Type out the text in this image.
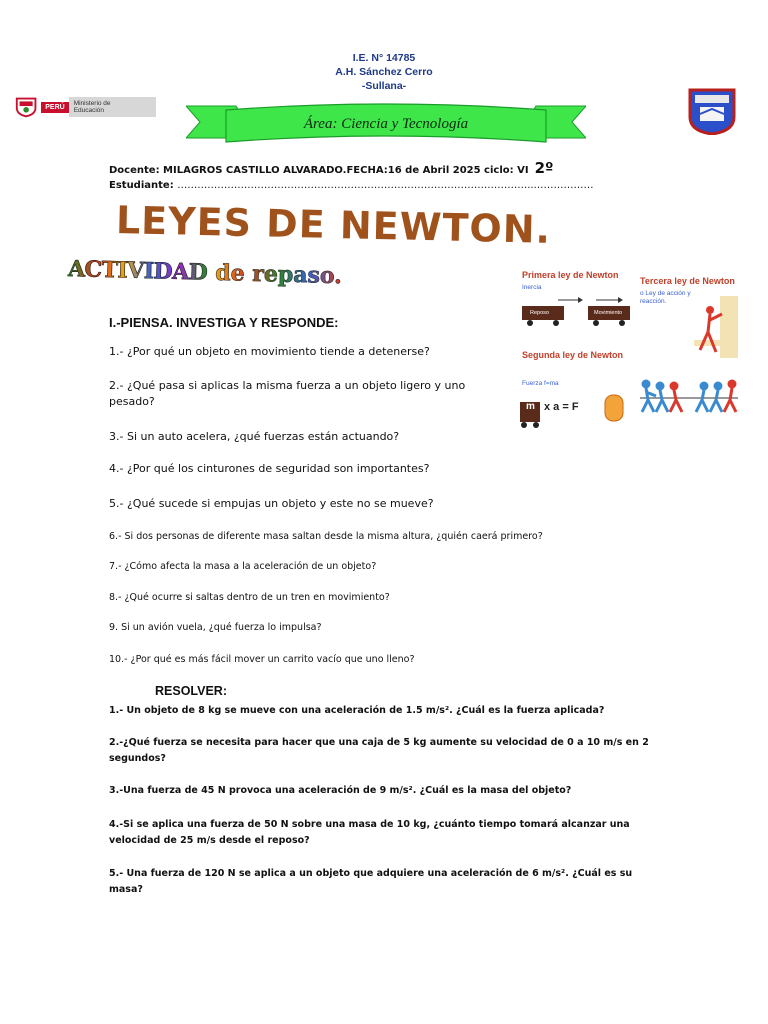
I.E. N° 14785
A.H. Sánchez Cerro
-Sullana-
PERÚ	Ministerio de Educación
Área: Ciencia y Tecnología
Docente: MILAGROS CASTILLO ALVARADO.FECHA:16 de Abril 2025 ciclo: VI 2º
Estudiante: ……………………………………………………………………………………………..………………
LEYES DE NEWTON.
ACTIVIDAD de repaso.
I.-PIENSA. INVESTIGA Y RESPONDE:
1.- ¿Por qué un objeto en movimiento tiende a detenerse?
2.- ¿Qué pasa si aplicas la misma fuerza a un objeto ligero y uno pesado?
3.- Si un auto acelera, ¿qué fuerzas están actuando?
4.- ¿Por qué los cinturones de seguridad son importantes?
5.- ¿Qué sucede si empujas un objeto y este no se mueve?
6.- Si dos personas de diferente masa saltan desde la misma altura, ¿quién caerá primero?
7.- ¿Cómo afecta la masa a la aceleración de un objeto?
8.- ¿Qué ocurre si saltas dentro de un tren en movimiento?
9. Si un avión vuela, ¿qué fuerza lo impulsa?
10.- ¿Por qué es más fácil mover un carrito vacío que uno lleno?
RESOLVER:
1.- Un objeto de 8 kg se mueve con una aceleración de 1.5 m/s². ¿Cuál es la fuerza aplicada?
2.-¿Qué fuerza se necesita para hacer que una caja de 5 kg aumente su velocidad de 0 a 10 m/s en 2 segundos?
3.-Una fuerza de 45 N provoca una aceleración de 9 m/s². ¿Cuál es la masa del objeto?
4.-Si se aplica una fuerza de 50 N sobre una masa de 10 kg, ¿cuánto tiempo tomará alcanzar una velocidad de 25 m/s desde el reposo?
5.- Una fuerza de 120 N se aplica a un objeto que adquiere una aceleración de 6 m/s². ¿Cuál es su masa?
Primera ley de Newton
Inercia
Reposo	Movimiento
Segunda ley de Newton
Fuerza f=ma
m x a = F
Tercera ley de Newton
o Ley de acción y reacción.
